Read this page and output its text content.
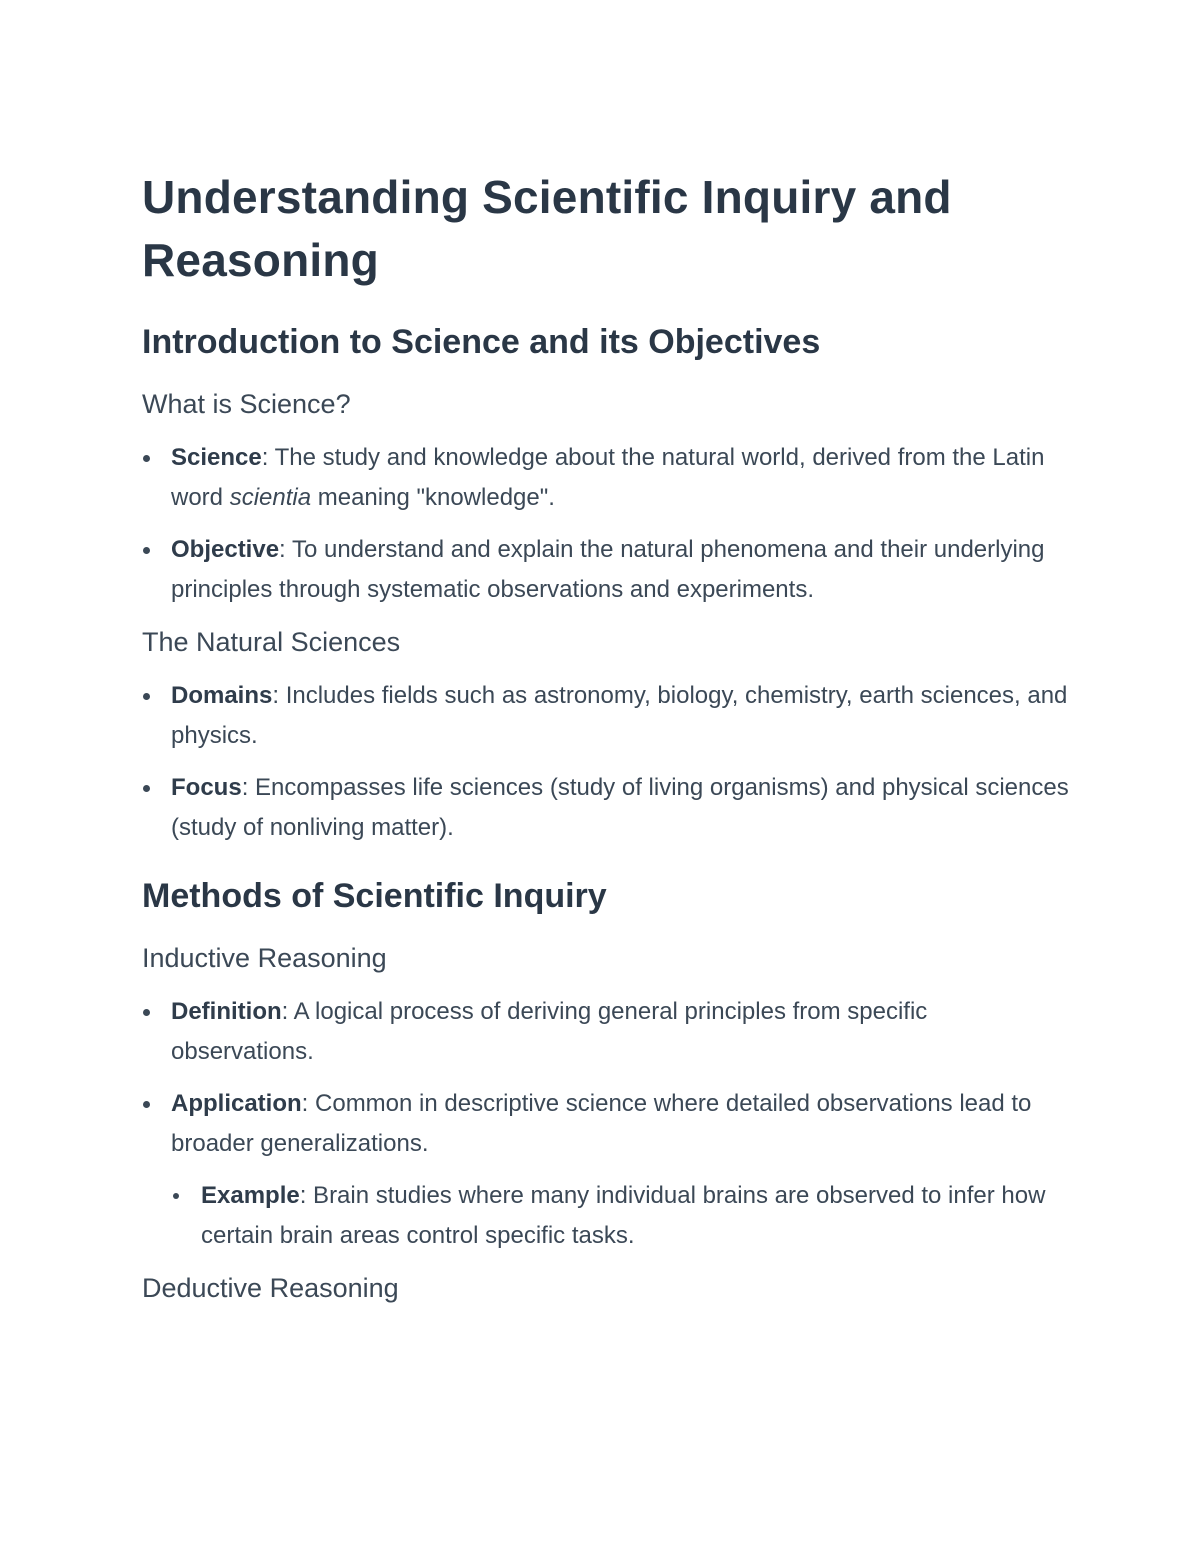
Understanding Scientific Inquiry and Reasoning
Introduction to Science and its Objectives
What is Science?
Science: The study and knowledge about the natural world, derived from the Latin word scientia meaning "knowledge".
Objective: To understand and explain the natural phenomena and their underlying principles through systematic observations and experiments.
The Natural Sciences
Domains: Includes fields such as astronomy, biology, chemistry, earth sciences, and physics.
Focus: Encompasses life sciences (study of living organisms) and physical sciences (study of nonliving matter).
Methods of Scientific Inquiry
Inductive Reasoning
Definition: A logical process of deriving general principles from specific observations.
Application: Common in descriptive science where detailed observations lead to broader generalizations.
Example: Brain studies where many individual brains are observed to infer how certain brain areas control specific tasks.
Deductive Reasoning
